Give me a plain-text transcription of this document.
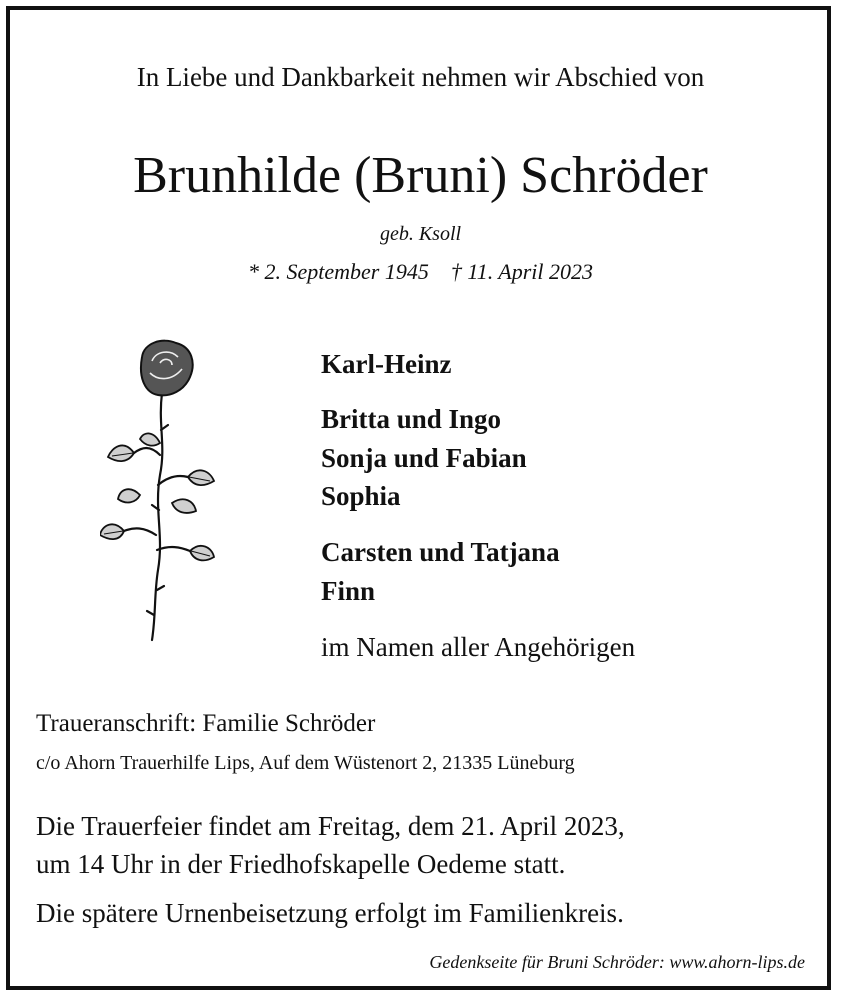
In Liebe und Dankbarkeit nehmen wir Abschied von
Brunhilde (Bruni) Schröder
geb. Ksoll
* 2. September 1945 † 11. April 2023
Karl-Heinz
Britta und Ingo
Sonja und Fabian
Sophia
Carsten und Tatjana
Finn
im Namen aller Angehörigen
Traueranschrift: Familie Schröder
c/o Ahorn Trauerhilfe Lips, Auf dem Wüstenort 2, 21335 Lüneburg
Die Trauerfeier findet am Freitag, dem 21. April 2023,
um 14 Uhr in der Friedhofskapelle Oedeme statt.
Die spätere Urnenbeisetzung erfolgt im Familienkreis.
Gedenkseite für Bruni Schröder: www.ahorn-lips.de
